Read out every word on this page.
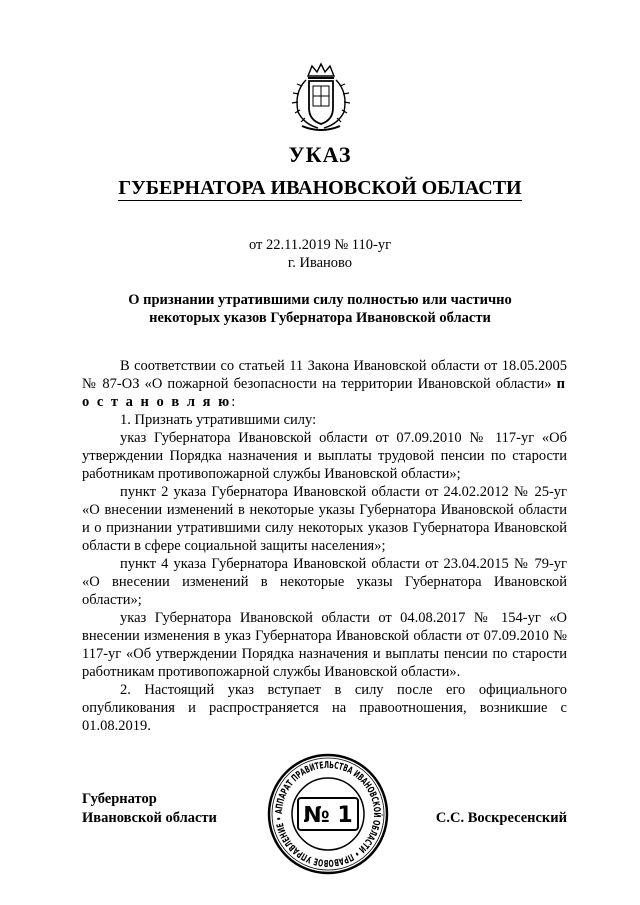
УКАЗ
ГУБЕРНАТОРА ИВАНОВСКОЙ ОБЛАСТИ
от 22.11.2019 № 110-уг
г. Иваново
О признании утратившими силу полностью или частично
некоторых указов Губернатора Ивановской области

В соответствии со статьей 11 Закона Ивановской области от 18.05.2005 № 87-ОЗ «О пожарной безопасности на территории Ивановской области» п о с т а н о в л я ю:

1. Признать утратившими силу:

указ Губернатора Ивановской области от 07.09.2010 № 117-уг «Об утверждении Порядка назначения и выплаты трудовой пенсии по старости работникам противопожарной службы Ивановской области»;

пункт 2 указа Губернатора Ивановской области от 24.02.2012 № 25-уг «О внесении изменений в некоторые указы Губернатора Ивановской области и о признании утратившими силу некоторых указов Губернатора Ивановской области в сфере социальной защиты населения»;

пункт 4 указа Губернатора Ивановской области от 23.04.2015 № 79-уг «О внесении изменений в некоторые указы Губернатора Ивановской области»;

указ Губернатора Ивановской области от 04.08.2017 № 154-уг «О внесении изменения в указ Губернатора Ивановской области от 07.09.2010 № 117-уг «Об утверждении Порядка назначения и выплаты пенсии по старости работникам противопожарной службы Ивановской области».

2. Настоящий указ вступает в силу после его официального опубликования и распространяется на правоотношения, возникшие с 01.08.2019.

Губернатор
Ивановской области	АППАРАТ ПРАВИТЕЛЬСТВА ИВАНОВСКОЙ ОБЛАСТИ • ПРАВОВОЕ УПРАВЛЕНИЕ • № 1	С.С. Воскресенский
